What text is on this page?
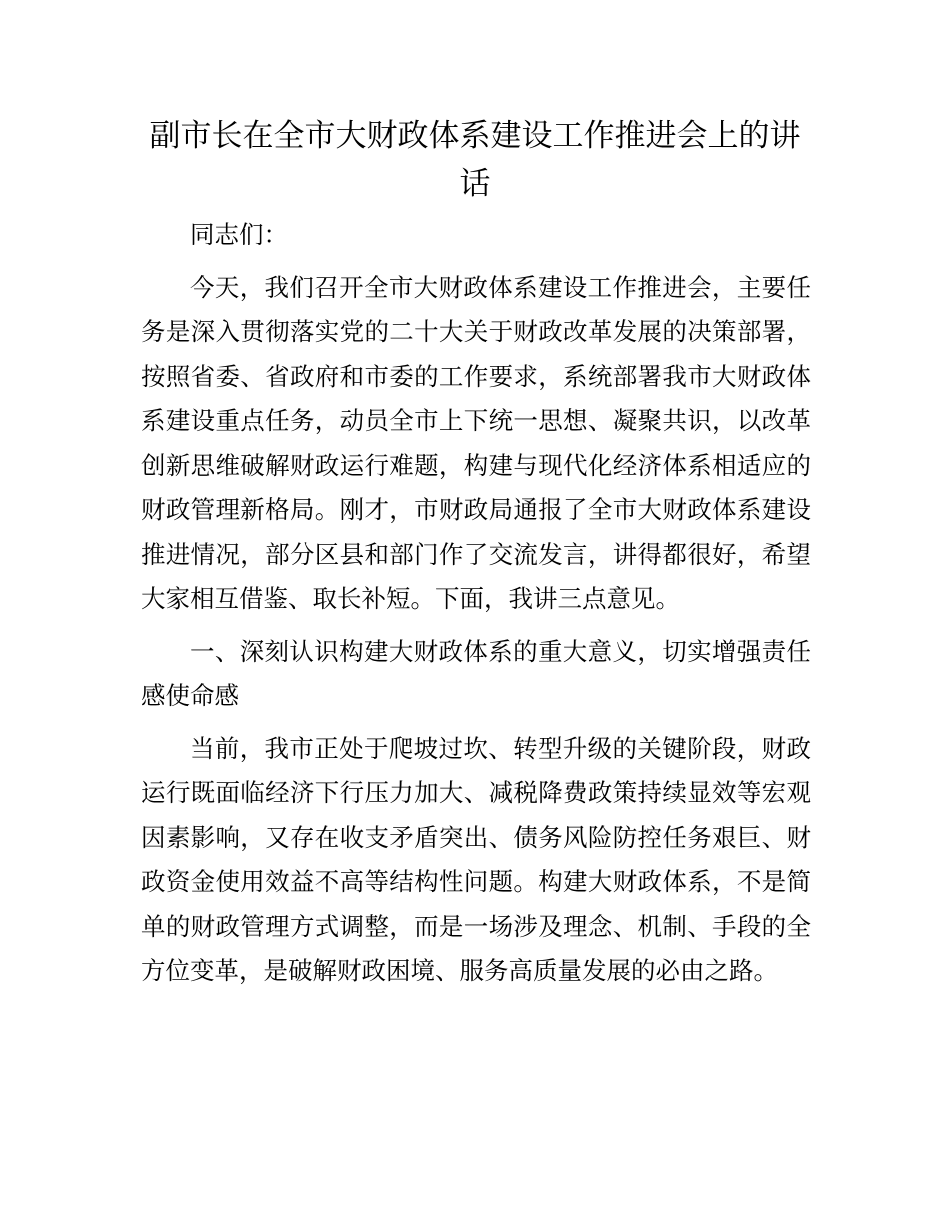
副市长在全市大财政体系建设工作推进会上的讲话

同志们：

今天，我们召开全市大财政体系建设工作推进会，主要任务是深入贯彻落实党的二十大关于财政改革发展的决策部署，按照省委、省政府和市委的工作要求，系统部署我市大财政体系建设重点任务，动员全市上下统一思想、凝聚共识，以改革创新思维破解财政运行难题，构建与现代化经济体系相适应的财政管理新格局。刚才，市财政局通报了全市大财政体系建设推进情况，部分区县和部门作了交流发言，讲得都很好，希望大家相互借鉴、取长补短。下面，我讲三点意见。

一、深刻认识构建大财政体系的重大意义，切实增强责任感使命感

当前，我市正处于爬坡过坎、转型升级的关键阶段，财政运行既面临经济下行压力加大、减税降费政策持续显效等宏观因素影响，又存在收支矛盾突出、债务风险防控任务艰巨、财政资金使用效益不高等结构性问题。构建大财政体系，不是简单的财政管理方式调整，而是一场涉及理念、机制、手段的全方位变革，是破解财政困境、服务高质量发展的必由之路。
